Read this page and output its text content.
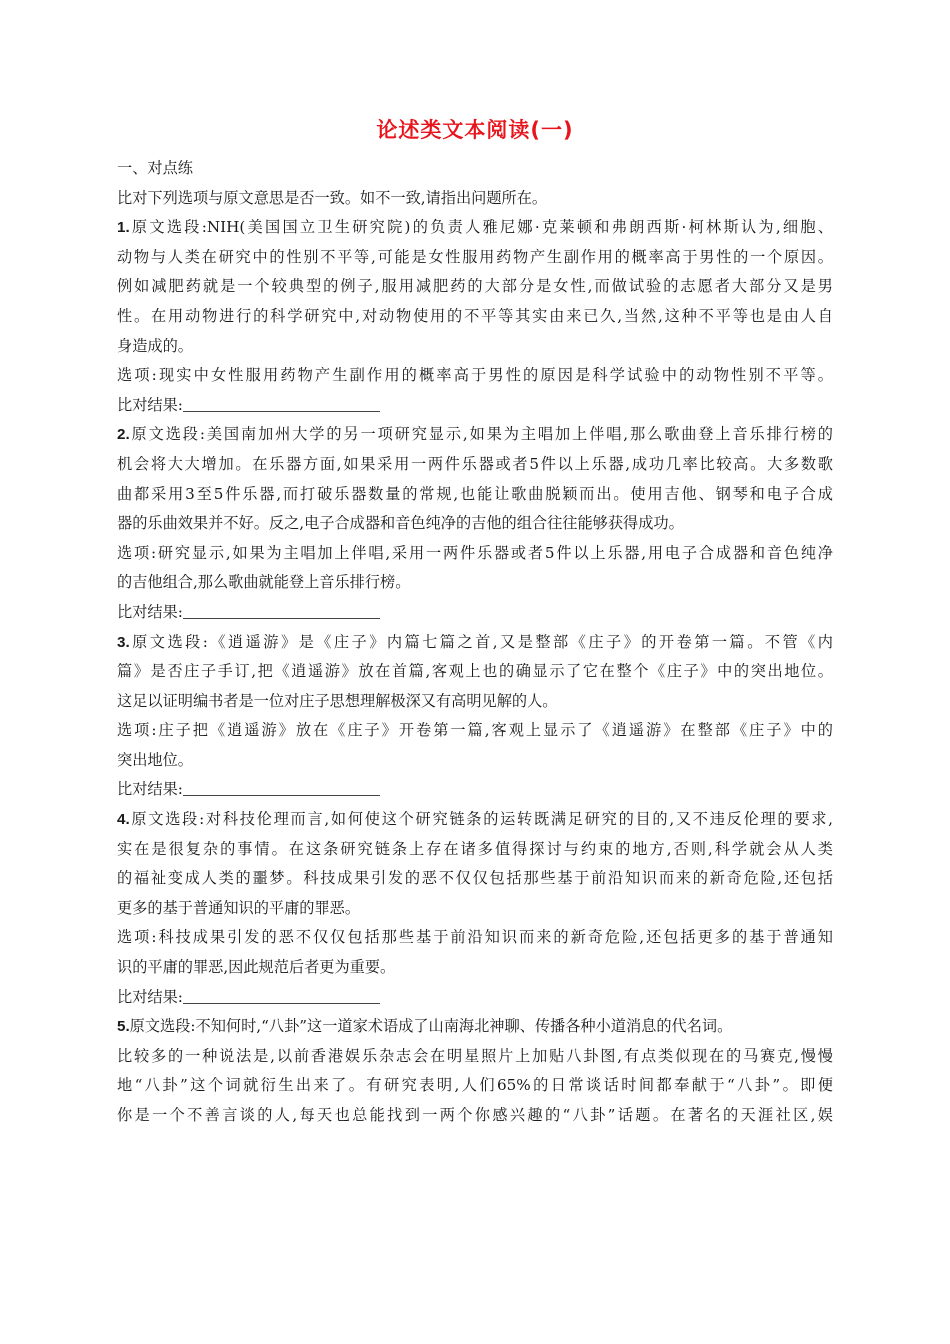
论述类文本阅读(一)
一、对点练
比对下列选项与原文意思是否一致。如不一致,请指出问题所在。
1.原文选段:NIH(美国国立卫生研究院)的负责人雅尼娜·克莱顿和弗朗西斯·柯林斯认为,细胞、
动物与人类在研究中的性别不平等,可能是女性服用药物产生副作用的概率高于男性的一个原因。
例如减肥药就是一个较典型的例子,服用减肥药的大部分是女性,而做试验的志愿者大部分又是男
性。在用动物进行的科学研究中,对动物使用的不平等其实由来已久,当然,这种不平等也是由人自
身造成的。
选项:现实中女性服用药物产生副作用的概率高于男性的原因是科学试验中的动物性别不平等。
比对结果:
2.原文选段:美国南加州大学的另一项研究显示,如果为主唱加上伴唱,那么歌曲登上音乐排行榜的
机会将大大增加。在乐器方面,如果采用一两件乐器或者5件以上乐器,成功几率比较高。大多数歌
曲都采用3至5件乐器,而打破乐器数量的常规,也能让歌曲脱颖而出。使用吉他、钢琴和电子合成
器的乐曲效果并不好。反之,电子合成器和音色纯净的吉他的组合往往能够获得成功。
选项:研究显示,如果为主唱加上伴唱,采用一两件乐器或者5件以上乐器,用电子合成器和音色纯净
的吉他组合,那么歌曲就能登上音乐排行榜。
比对结果:
3.原文选段:《逍遥游》是《庄子》内篇七篇之首,又是整部《庄子》的开卷第一篇。不管《内
篇》是否庄子手订,把《逍遥游》放在首篇,客观上也的确显示了它在整个《庄子》中的突出地位。
这足以证明编书者是一位对庄子思想理解极深又有高明见解的人。
选项:庄子把《逍遥游》放在《庄子》开卷第一篇,客观上显示了《逍遥游》在整部《庄子》中的
突出地位。
比对结果:
4.原文选段:对科技伦理而言,如何使这个研究链条的运转既满足研究的目的,又不违反伦理的要求,
实在是很复杂的事情。在这条研究链条上存在诸多值得探讨与约束的地方,否则,科学就会从人类
的福祉变成人类的噩梦。科技成果引发的恶不仅仅包括那些基于前沿知识而来的新奇危险,还包括
更多的基于普通知识的平庸的罪恶。
选项:科技成果引发的恶不仅仅包括那些基于前沿知识而来的新奇危险,还包括更多的基于普通知
识的平庸的罪恶,因此规范后者更为重要。
比对结果:
5.原文选段:不知何时,“八卦”这一道家术语成了山南海北神聊、传播各种小道消息的代名词。
比较多的一种说法是,以前香港娱乐杂志会在明星照片上加贴八卦图,有点类似现在的马赛克,慢慢
地“八卦”这个词就衍生出来了。有研究表明,人们65%的日常谈话时间都奉献于“八卦”。即便
你是一个不善言谈的人,每天也总能找到一两个你感兴趣的“八卦”话题。在著名的天涯社区,娱
